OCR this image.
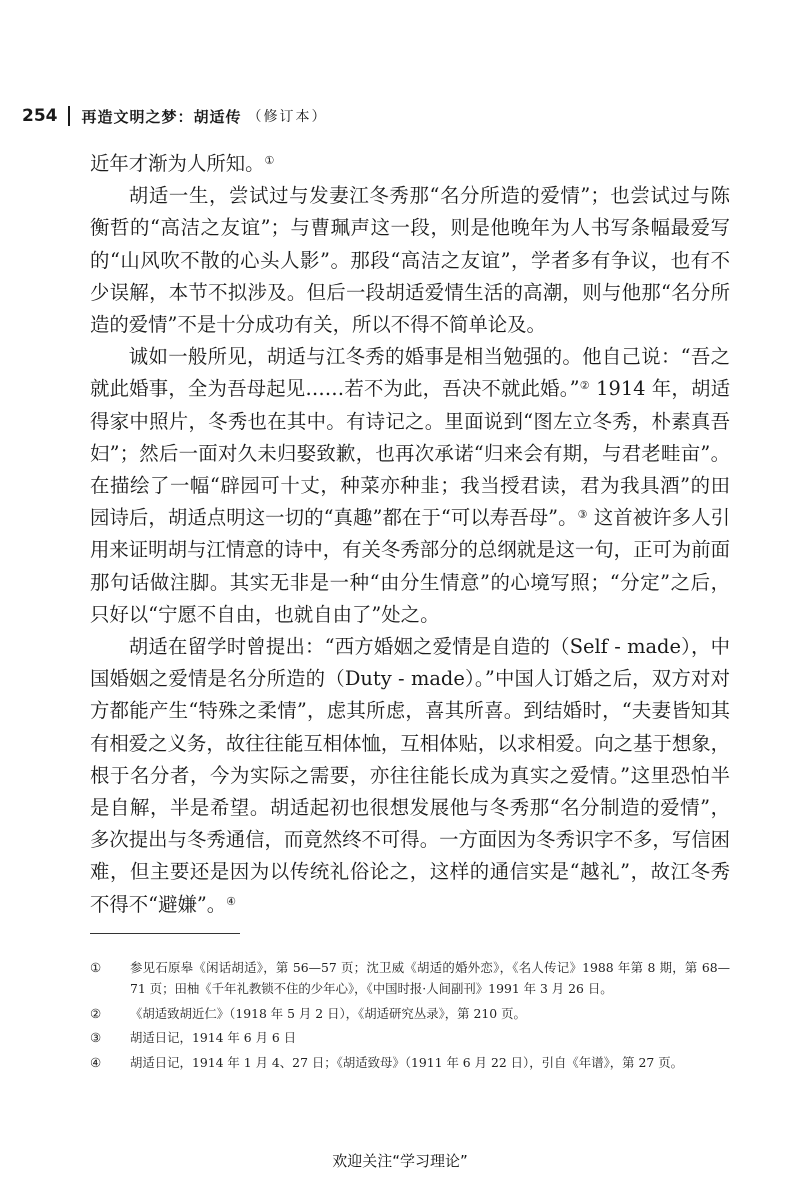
254 再造文明之梦：胡适传 （修订本）

近年才渐为人所知。①

胡适一生，尝试过与发妻江冬秀那“名分所造的爱情”；也尝试过与陈衡哲的“高洁之友谊”；与曹珮声这一段，则是他晚年为人书写条幅最爱写的“山风吹不散的心头人影”。那段“高洁之友谊”，学者多有争议，也有不少误解，本节不拟涉及。但后一段胡适爱情生活的高潮，则与他那“名分所造的爱情”不是十分成功有关，所以不得不简单论及。

诚如一般所见，胡适与江冬秀的婚事是相当勉强的。他自己说：“吾之就此婚事，全为吾母起见……若不为此，吾决不就此婚。”② 1914 年，胡适得家中照片，冬秀也在其中。有诗记之。里面说到“图左立冬秀，朴素真吾妇”；然后一面对久未归娶致歉，也再次承诺“归来会有期，与君老畦亩”。在描绘了一幅“辟园可十丈，种菜亦种韭；我当授君读，君为我具酒”的田园诗后，胡适点明这一切的“真趣”都在于“可以寿吾母”。③ 这首被许多人引用来证明胡与江情意的诗中，有关冬秀部分的总纲就是这一句，正可为前面那句话做注脚。其实无非是一种“由分生情意”的心境写照；“分定”之后，只好以“宁愿不自由，也就自由了”处之。

胡适在留学时曾提出：“西方婚姻之爱情是自造的（Self - made），中国婚姻之爱情是名分所造的（Duty - made）。”中国人订婚之后，双方对对方都能产生“特殊之柔情”，虑其所虑，喜其所喜。到结婚时，“夫妻皆知其有相爱之义务，故往往能互相体恤，互相体贴，以求相爱。向之基于想象，根于名分者，今为实际之需要，亦往往能长成为真实之爱情。”这里恐怕半是自解，半是希望。胡适起初也很想发展他与冬秀那“名分制造的爱情”，多次提出与冬秀通信，而竟然终不可得。一方面因为冬秀识字不多，写信困难，但主要还是因为以传统礼俗论之，这样的通信实是“越礼”，故江冬秀不得不“避嫌”。④

①	参见石原皋《闲话胡适》，第 56—57 页；沈卫威《胡适的婚外恋》，《名人传记》1988 年第 8 期，第 68—71 页；田柚《千年礼教锁不住的少年心》，《中国时报·人间副刊》1991 年 3 月 26 日。
②	《胡适致胡近仁》（1918 年 5 月 2 日），《胡适研究丛录》，第 210 页。
③	胡适日记，1914 年 6 月 6 日
④	胡适日记，1914 年 1 月 4、27 日；《胡适致母》（1911 年 6 月 22 日），引自《年谱》，第 27 页。
欢迎关注“学习理论”
